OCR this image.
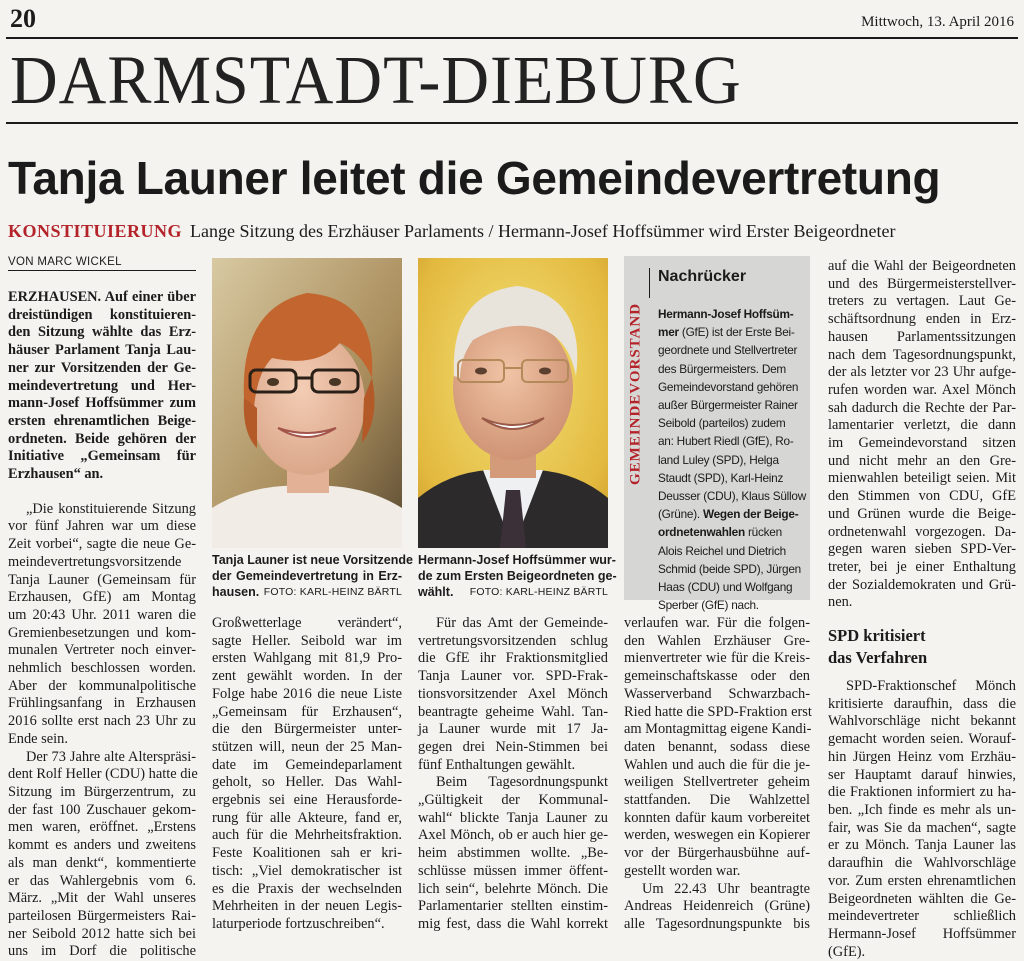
20	Mittwoch, 13. April 2016
DARMSTADT-DIEBURG
Tanja Launer leitet die Gemeindevertretung
KONSTITUIERUNG Lange Sitzung des Erzhäuser Parlaments / Hermann-Josef Hoffsümmer wird Erster Beigeordneter
VON MARC WICKEL

ERZHAUSEN. Auf einer über

dreistündigen konstituieren-

den Sitzung wählte das Erz-

häuser Parlament Tanja Lau-

ner zur Vorsitzenden der Ge-

meindevertretung und Her-

mann-Josef Hoffsümmer zum

ersten ehrenamtlichen Beige-

ordneten. Beide gehören der

Initiative „Gemeinsam für

Erzhausen“ an.

„Die konstituierende Sitzung

vor fünf Jahren war um diese

Zeit vorbei“, sagte die neue Ge-

meindevertretungsvorsitzende

Tanja Launer (Gemeinsam für

Erzhausen, GfE) am Montag

um 20:43 Uhr. 2011 waren die

Gremienbesetzungen und kom-

munalen Vertreter noch einver-

nehmlich beschlossen worden.

Aber der kommunalpolitische

Frühlingsanfang in Erzhausen

2016 sollte erst nach 23 Uhr zu

Ende sein.

Der 73 Jahre alte Alterspräsi-

dent Rolf Heller (CDU) hatte die

Sitzung im Bürgerzentrum, zu

der fast 100 Zuschauer gekom-

men waren, eröffnet. „Erstens

kommt es anders und zweitens

als man denkt“, kommentierte

er das Wahlergebnis vom 6.

März. „Mit der Wahl unseres

parteilosen Bürgermeisters Rai-

ner Seibold 2012 hatte sich bei

uns im Dorf die politische

Tanja Launer ist neue Vorsitzende

der Gemeindevertretung in Erz-

hausen. FOTO: KARL-HEINZ BÄRTL

Hermann-Josef Hoffsümmer wur-

de zum Ersten Beigeordneten ge-

wählt. FOTO: KARL-HEINZ BÄRTL

Großwetterlage verändert“,

sagte Heller. Seibold war im

ersten Wahlgang mit 81,9 Pro-

zent gewählt worden. In der

Folge habe 2016 die neue Liste

„Gemeinsam für Erzhausen“,

die den Bürgermeister unter-

stützen will, neun der 25 Man-

date im Gemeindeparlament

geholt, so Heller. Das Wahl-

ergebnis sei eine Herausforde-

rung für alle Akteure, fand er,

auch für die Mehrheitsfraktion.

Feste Koalitionen sah er kri-

tisch: „Viel demokratischer ist

es die Praxis der wechselnden

Mehrheiten in der neuen Legis-

laturperiode fortzuschreiben“.

Für das Amt der Gemeinde-

vertretungsvorsitzenden schlug

die GfE ihr Fraktionsmitglied

Tanja Launer vor. SPD-Frak-

tionsvorsitzender Axel Mönch

beantragte geheime Wahl. Tan-

ja Launer wurde mit 17 Ja-

gegen drei Nein-Stimmen bei

fünf Enthaltungen gewählt.

Beim Tagesordnungspunkt

„Gültigkeit der Kommunal-

wahl“ blickte Tanja Launer zu

Axel Mönch, ob er auch hier ge-

heim abstimmen wollte. „Be-

schlüsse müssen immer öffent-

lich sein“, belehrte Mönch. Die

Parlamentarier stellten einstim-

mig fest, dass die Wahl korrekt

GEMEINDEVORSTAND
Nachrücker

Hermann-Josef Hoffsüm-

mer (GfE) ist der Erste Bei-

geordnete und Stellvertreter

des Bürgermeisters. Dem

Gemeindevorstand gehören

außer Bürgermeister Rainer

Seibold (parteilos) zudem

an: Hubert Riedl (GfE), Ro-

land Luley (SPD), Helga

Staudt (SPD), Karl-Heinz

Deusser (CDU), Klaus Süllow

(Grüne). Wegen der Beige-

ordnetenwahlen rücken

Alois Reichel und Dietrich

Schmid (beide SPD), Jürgen

Haas (CDU) und Wolfgang

Sperber (GfE) nach.

verlaufen war. Für die folgen-

den Wahlen Erzhäuser Gre-

mienvertreter wie für die Kreis-

gemeinschaftskasse oder den

Wasserverband Schwarzbach-

Ried hatte die SPD-Fraktion erst

am Montagmittag eigene Kandi-

daten benannt, sodass diese

Wahlen und auch die für die je-

weiligen Stellvertreter geheim

stattfanden. Die Wahlzettel

konnten dafür kaum vorbereitet

werden, weswegen ein Kopierer

vor der Bürgerhausbühne auf-

gestellt worden war.

Um 22.43 Uhr beantragte

Andreas Heidenreich (Grüne)

alle Tagesordnungspunkte bis

auf die Wahl der Beigeordneten

und des Bürgermeisterstellver-

treters zu vertagen. Laut Ge-

schäftsordnung enden in Erz-

hausen Parlamentssitzungen

nach dem Tagesordnungspunkt,

der als letzter vor 23 Uhr aufge-

rufen worden war. Axel Mönch

sah dadurch die Rechte der Par-

lamentarier verletzt, die dann

im Gemeindevorstand sitzen

und nicht mehr an den Gre-

mienwahlen beteiligt seien. Mit

den Stimmen von CDU, GfE

und Grünen wurde die Beige-

ordnetenwahl vorgezogen. Da-

gegen waren sieben SPD-Ver-

treter, bei je einer Enthaltung

der Sozialdemokraten und Grü-

nen.

SPD kritisiert

das Verfahren

SPD-Fraktionschef Mönch

kritisierte daraufhin, dass die

Wahlvorschläge nicht bekannt

gemacht worden seien. Worauf-

hin Jürgen Heinz vom Erzhäu-

ser Hauptamt darauf hinwies,

die Fraktionen informiert zu ha-

ben. „Ich finde es mehr als un-

fair, was Sie da machen“, sagte

er zu Mönch. Tanja Launer las

daraufhin die Wahlvorschläge

vor. Zum ersten ehrenamtlichen

Beigeordneten wählten die Ge-

meindevertreter schließlich

Hermann-Josef Hoffsümmer

(GfE).
